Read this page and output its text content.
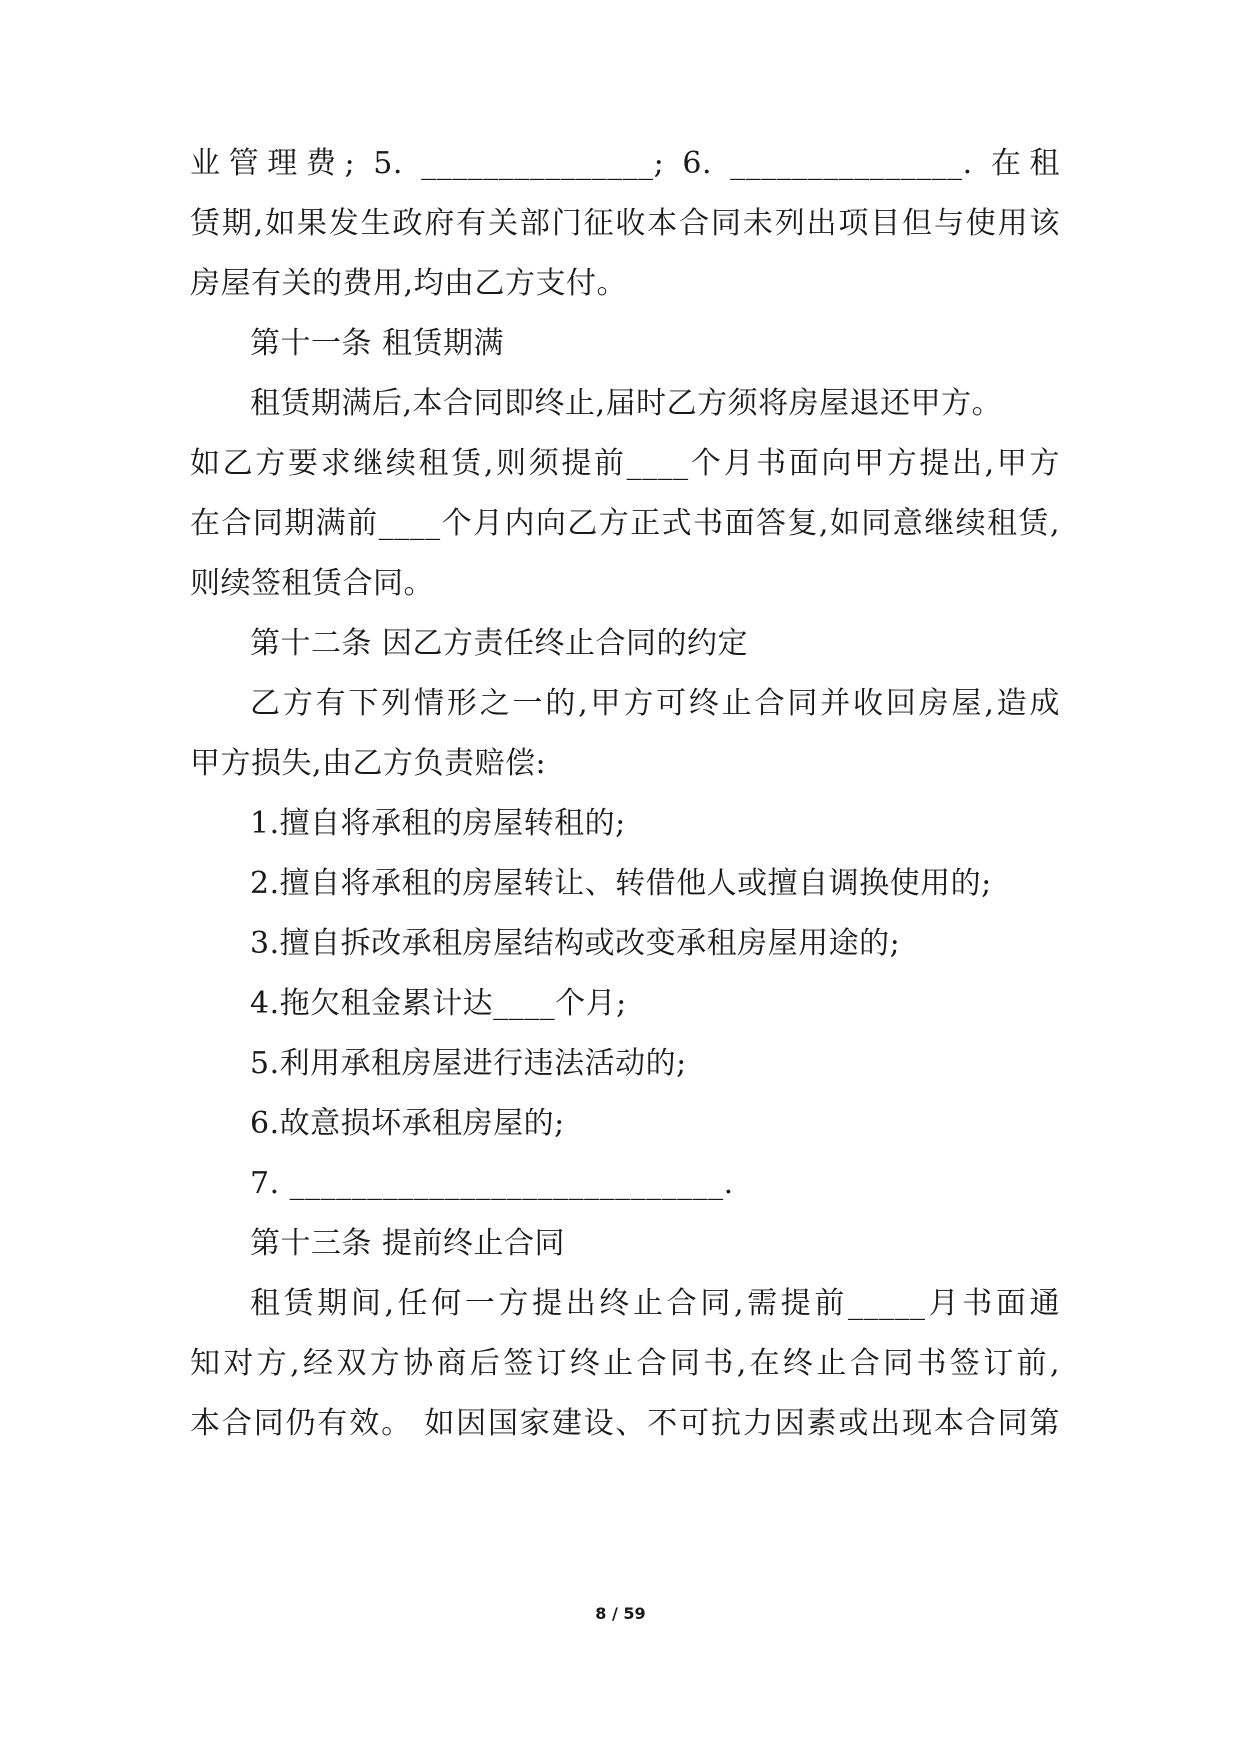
业管理费; 5. _______________; 6. _______________. 在租
赁期,如果发生政府有关部门征收本合同未列出项目但与使用该
房屋有关的费用,均由乙方支付。
第十一条 租赁期满
租赁期满后,本合同即终止,届时乙方须将房屋退还甲方。
如乙方要求继续租赁,则须提前____个月书面向甲方提出,甲方
在合同期满前____个月内向乙方正式书面答复,如同意继续租赁,
则续签租赁合同。
第十二条 因乙方责任终止合同的约定
乙方有下列情形之一的,甲方可终止合同并收回房屋,造成
甲方损失,由乙方负责赔偿:
1.擅自将承租的房屋转租的;
2.擅自将承租的房屋转让、转借他人或擅自调换使用的;
3.擅自拆改承租房屋结构或改变承租房屋用途的;
4.拖欠租金累计达____个月;
5.利用承租房屋进行违法活动的;
6.故意损坏承租房屋的;
7. ____________________________.
第十三条 提前终止合同
租赁期间,任何一方提出终止合同,需提前_____月书面通
知对方,经双方协商后签订终止合同书,在终止合同书签订前,
本合同仍有效。 如因国家建设、不可抗力因素或出现本合同第
8 / 59
